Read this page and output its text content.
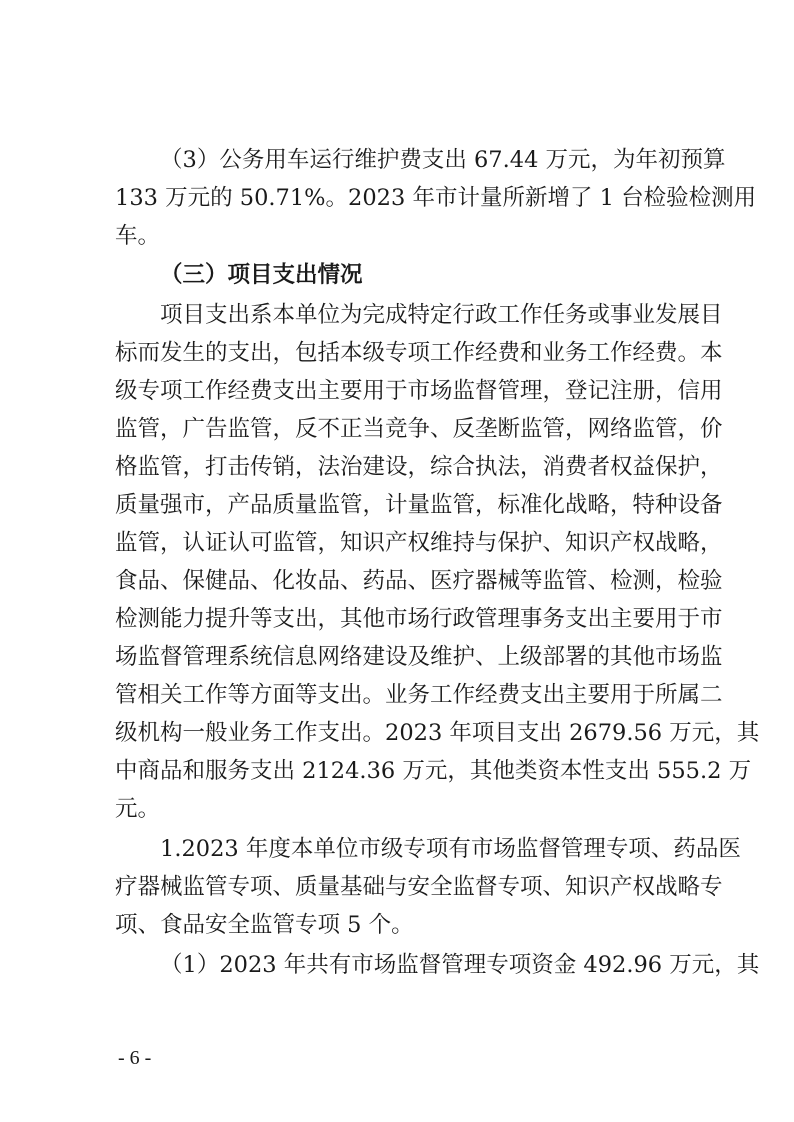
（3）公务用车运行维护费支出 67.44 万元，为年初预算
133 万元的 50.71%。2023 年市计量所新增了 1 台检验检测用
车。
（三）项目支出情况
项目支出系本单位为完成特定行政工作任务或事业发展目
标而发生的支出，包括本级专项工作经费和业务工作经费。本
级专项工作经费支出主要用于市场监督管理，登记注册，信用
监管，广告监管，反不正当竞争、反垄断监管，网络监管，价
格监管，打击传销，法治建设，综合执法，消费者权益保护，
质量强市，产品质量监管，计量监管，标准化战略，特种设备
监管，认证认可监管，知识产权维持与保护、知识产权战略，
食品、保健品、化妆品、药品、医疗器械等监管、检测，检验
检测能力提升等支出，其他市场行政管理事务支出主要用于市
场监督管理系统信息网络建设及维护、上级部署的其他市场监
管相关工作等方面等支出。业务工作经费支出主要用于所属二
级机构一般业务工作支出。2023 年项目支出 2679.56 万元，其
中商品和服务支出 2124.36 万元，其他类资本性支出 555.2 万
元。
1.2023 年度本单位市级专项有市场监督管理专项、药品医
疗器械监管专项、质量基础与安全监督专项、知识产权战略专
项、食品安全监管专项 5 个。
（1）2023 年共有市场监督管理专项资金 492.96 万元，其
- 6 -
